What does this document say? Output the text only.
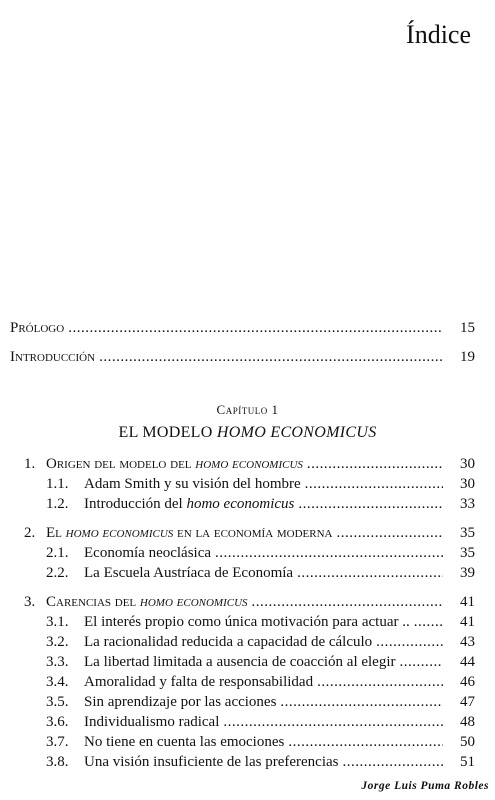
Índice
Prólogo .....	15
Introducción .....	19
Capítulo 1
EL MODELO HOMO ECONOMICUS
1. Origen del modelo del homo economicus .....	30
1.1.	Adam Smith y su visión del hombre .....	30
1.2.	Introducción del homo economicus .....	33
2. El homo economicus en la economía moderna .....	35
2.1.	Economía neoclásica .....	35
2.2.	La Escuela Austríaca de Economía .....	39
3. Carencias del homo economicus .....	41
3.1.	El interés propio como única motivación para actuar .. .....	41
3.2.	La racionalidad reducida a capacidad de cálculo .....	43
3.3.	La libertad limitada a ausencia de coacción al elegir .....	44
3.4.	Amoralidad y falta de responsabilidad .....	46
3.5.	Sin aprendizaje por las acciones .....	47
3.6.	Individualismo radical .....	48
3.7.	No tiene en cuenta las emociones .....	50
3.8.	Una visión insuficiente de las preferencias .....	51
Jorge Luis Puma Robles
